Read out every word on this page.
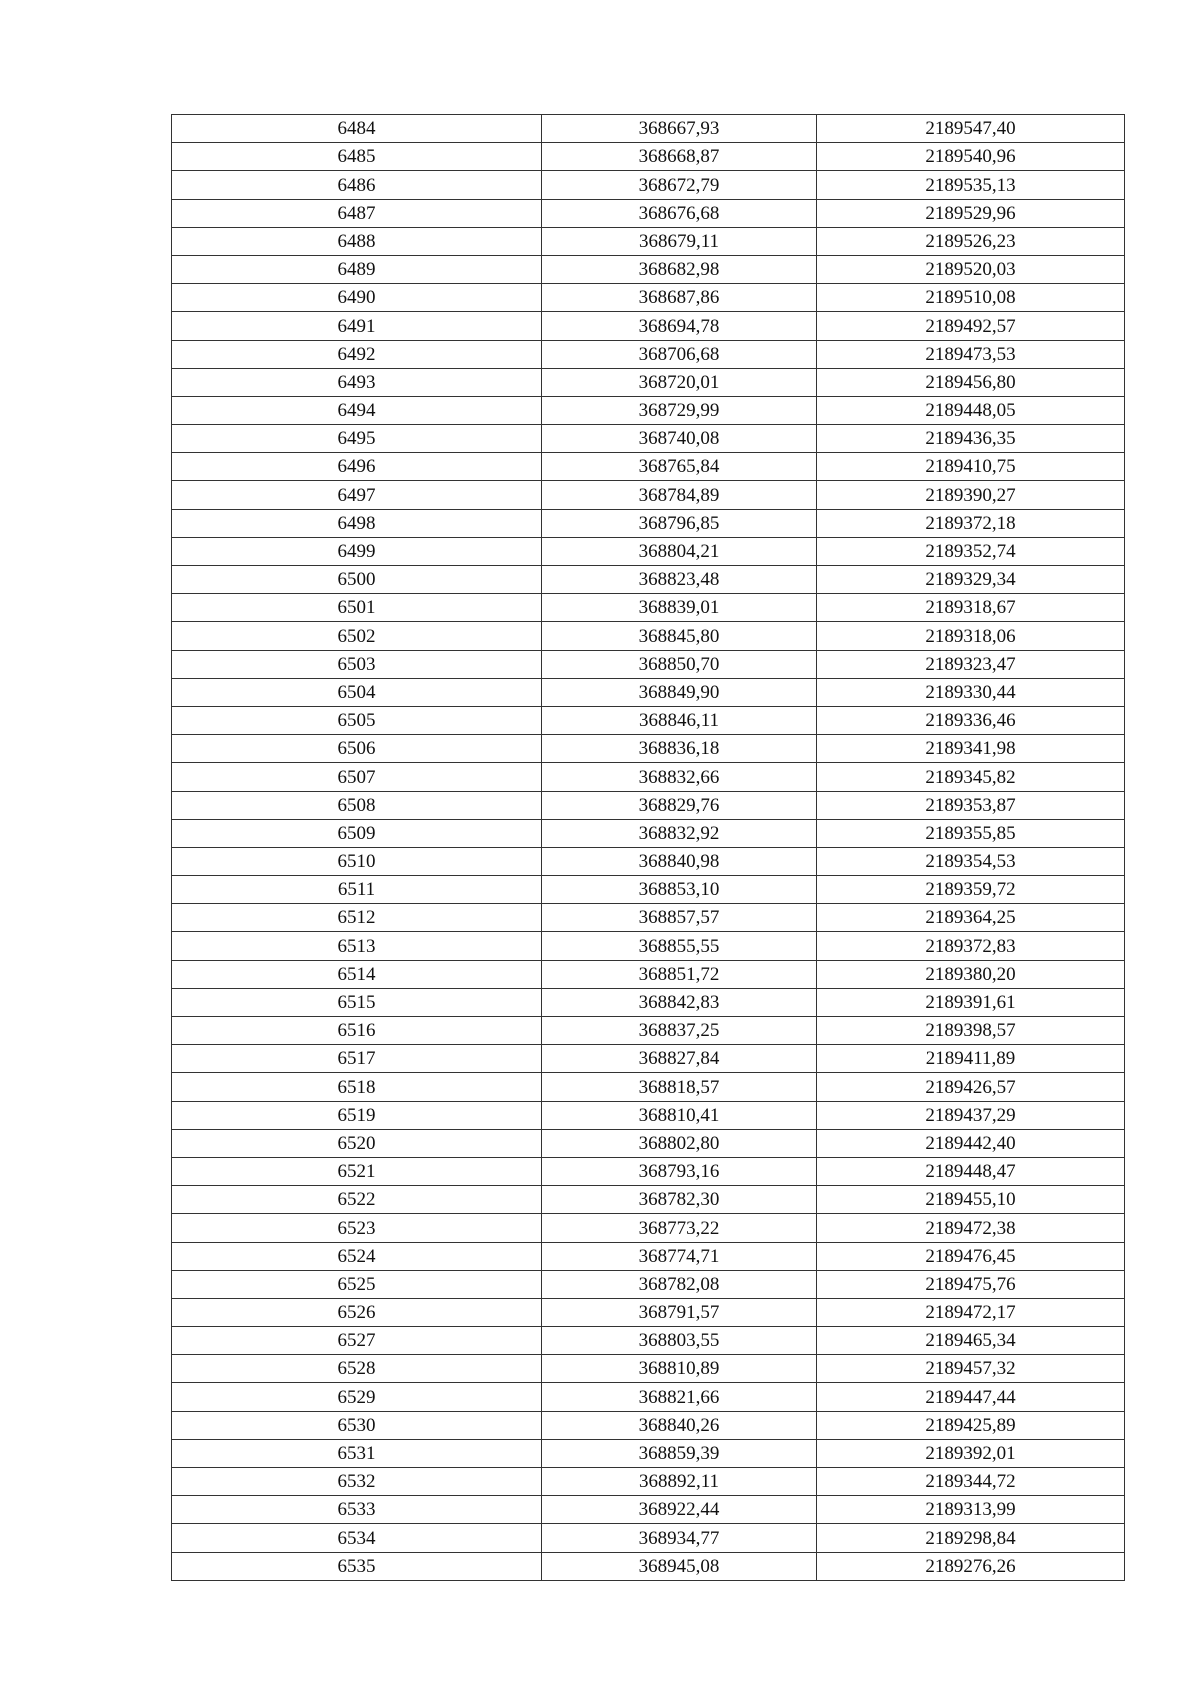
6484	368667,93	2189547,40
6485	368668,87	2189540,96
6486	368672,79	2189535,13
6487	368676,68	2189529,96
6488	368679,11	2189526,23
6489	368682,98	2189520,03
6490	368687,86	2189510,08
6491	368694,78	2189492,57
6492	368706,68	2189473,53
6493	368720,01	2189456,80
6494	368729,99	2189448,05
6495	368740,08	2189436,35
6496	368765,84	2189410,75
6497	368784,89	2189390,27
6498	368796,85	2189372,18
6499	368804,21	2189352,74
6500	368823,48	2189329,34
6501	368839,01	2189318,67
6502	368845,80	2189318,06
6503	368850,70	2189323,47
6504	368849,90	2189330,44
6505	368846,11	2189336,46
6506	368836,18	2189341,98
6507	368832,66	2189345,82
6508	368829,76	2189353,87
6509	368832,92	2189355,85
6510	368840,98	2189354,53
6511	368853,10	2189359,72
6512	368857,57	2189364,25
6513	368855,55	2189372,83
6514	368851,72	2189380,20
6515	368842,83	2189391,61
6516	368837,25	2189398,57
6517	368827,84	2189411,89
6518	368818,57	2189426,57
6519	368810,41	2189437,29
6520	368802,80	2189442,40
6521	368793,16	2189448,47
6522	368782,30	2189455,10
6523	368773,22	2189472,38
6524	368774,71	2189476,45
6525	368782,08	2189475,76
6526	368791,57	2189472,17
6527	368803,55	2189465,34
6528	368810,89	2189457,32
6529	368821,66	2189447,44
6530	368840,26	2189425,89
6531	368859,39	2189392,01
6532	368892,11	2189344,72
6533	368922,44	2189313,99
6534	368934,77	2189298,84
6535	368945,08	2189276,26
